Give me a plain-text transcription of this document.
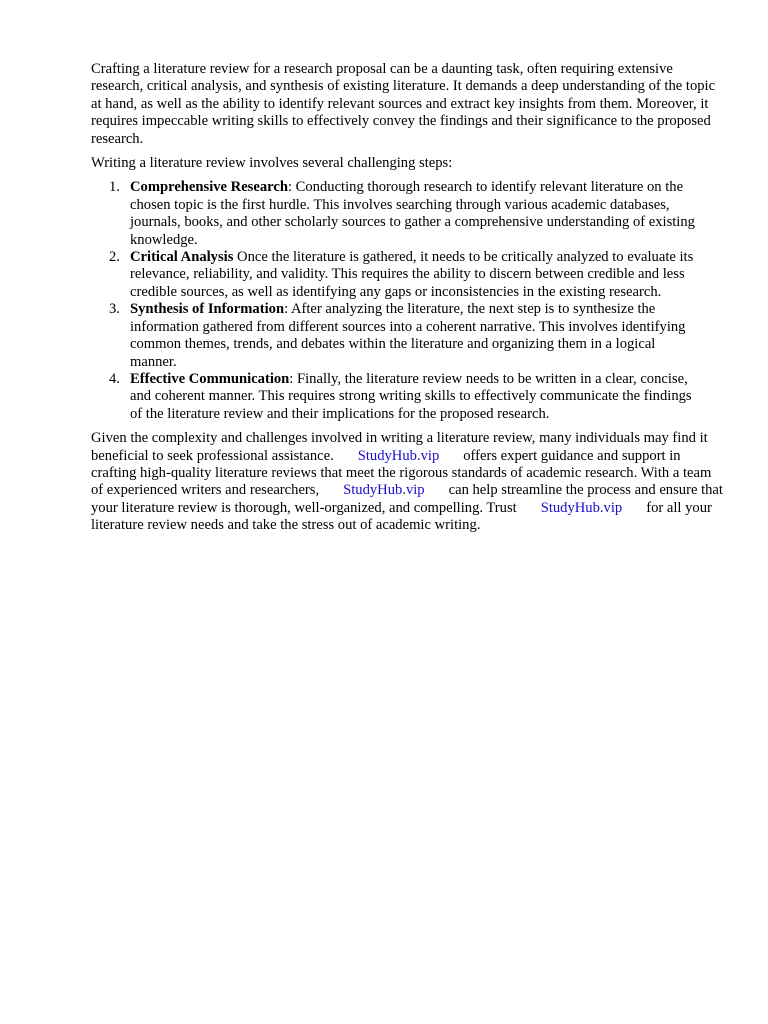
Crafting a literature review for a research proposal can be a daunting task, often requiring extensive research, critical analysis, and synthesis of existing literature. It demands a deep understanding of the topic at hand, as well as the ability to identify relevant sources and extract key insights from them. Moreover, it requires impeccable writing skills to effectively convey the findings and their significance to the proposed research.

Writing a literature review involves several challenging steps:

1. Comprehensive Research: Conducting thorough research to identify relevant literature on the chosen topic is the first hurdle. This involves searching through various academic databases, journals, books, and other scholarly sources to gather a comprehensive understanding of existing knowledge.
2. Critical Analysis Once the literature is gathered, it needs to be critically analyzed to evaluate its relevance, reliability, and validity. This requires the ability to discern between credible and less credible sources, as well as identifying any gaps or inconsistencies in the existing research.
3. Synthesis of Information: After analyzing the literature, the next step is to synthesize the information gathered from different sources into a coherent narrative. This involves identifying common themes, trends, and debates within the literature and organizing them in a logical manner.
4. Effective Communication: Finally, the literature review needs to be written in a clear, concise, and coherent manner. This requires strong writing skills to effectively communicate the findings of the literature review and their implications for the proposed research.

Given the complexity and challenges involved in writing a literature review, many individuals may find it beneficial to seek professional assistance. StudyHub.vip offers expert guidance and support in crafting high-quality literature reviews that meet the rigorous standards of academic research. With a team of experienced writers and researchers, StudyHub.vip can help streamline the process and ensure that your literature review is thorough, well-organized, and compelling. Trust StudyHub.vip for all your literature review needs and take the stress out of academic writing.
